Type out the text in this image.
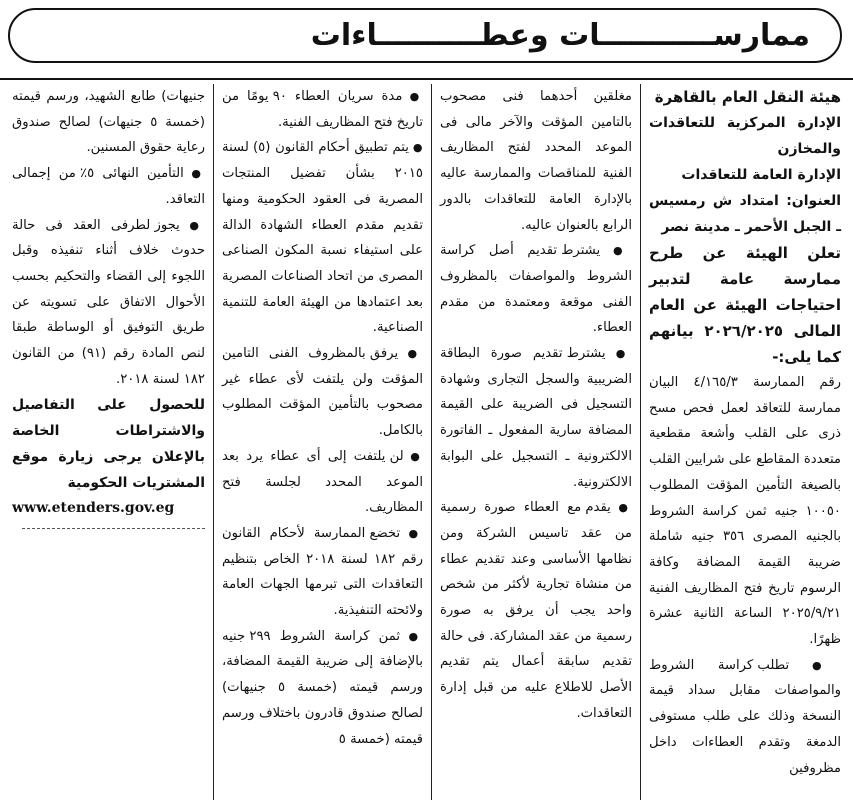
ممارســـــــــــات وعطــــــــــاءات

هيئة النقل العام بالقاهرة

الإدارة المركزية للتعاقدات والمخازن

الإدارة العامة للتعاقدات

العنوان: امتداد ش رمسيس ـ الجبل الأحمر ـ مدينة نصر

تعلن الهيئة عن طرح ممارسة عامة لتدبير احتياجات الهيئة عن العام المالى ٢٠٢٦/٢٠٢٥ بيانهم كما يلى:-

رقم الممارسة ٤/١٦٥/٣ البيان ممارسة للتعاقد لعمل فحص مسح ذرى على القلب وأشعة مقطعية متعددة المقاطع على شرايين القلب بالصيغة التأمين المؤقت المطلوب ١٠٠٥٠ جنيه ثمن كراسة الشروط بالجنيه المصرى ٣٥٦ جنيه شاملة ضريبة القيمة المضافة وكافة الرسوم تاريخ فتح المظاريف الفنية ٢٠٢٥/٩/٢١ الساعة الثانية عشرة ظهرًا.

● تطلب كراسة الشروط والمواصفات مقابل سداد قيمة النسخة وذلك على طلب مستوفى الدمغة وتقدم العطاءات داخل مظروفين

مغلقين أحدهما فنى مصحوب بالتامين المؤقت والآخر مالى فى الموعد المحدد لفتح المظاريف الفنية للمناقصات والممارسة عاليه بالإدارة العامة للتعاقدات بالدور الرابع بالعنوان عاليه.

● يشترط تقديم أصل كراسة الشروط والمواصفات بالمظروف الفنى موقعة ومعتمدة من مقدم العطاء.

● يشترط تقديم صورة البطاقة الضريبية والسجل التجارى وشهادة التسجيل فى الضريبة على القيمة المضافة سارية المفعول ـ الفاتورة الالكترونية ـ التسجيل على البوابة الالكترونية.

● يقدم مع العطاء صورة رسمية من عقد تاسيس الشركة ومن نظامها الأساسى وعند تقديم عطاء من منشاة تجارية لأكثر من شخص واحد يجب أن يرفق به صورة رسمية من عقد المشاركة. فى حالة تقديم سابقة أعمال يتم تقديم الأصل للاطلاع عليه من قبل إدارة التعاقدات.

● مدة سريان العطاء ٩٠ يومًا من تاريخ فتح المظاريف الفنية.

● يتم تطبيق أحكام القانون (٥) لسنة ٢٠١٥ بشأن تفضيل المنتجات المصرية فى العقود الحكومية ومنها تقديم مقدم العطاء الشهادة الدالة على استيفاء نسبة المكون الصناعى المصرى من اتحاد الصناعات المصرية بعد اعتمادها من الهيئة العامة للتنمية الصناعية.

● يرفق بالمظروف الفنى التامين المؤقت ولن يلتفت لأى عطاء غير مصحوب بالتأمين المؤقت المطلوب بالكامل.

● لن يلتفت إلى أى عطاء يرد بعد الموعد المحدد لجلسة فتح المظاريف.

● تخضع الممارسة لأحكام القانون رقم ١٨٢ لسنة ٢٠١٨ الخاص بتنظيم التعاقدات التى تبرمها الجهات العامة ولائحته التنفيذية.

● ثمن كراسة الشروط ٢٩٩ جنيه بالإضافة إلى ضريبة القيمة المضافة، ورسم قيمته (خمسة ٥ جنيهات) لصالح صندوق قادرون باختلاف ورسم قيمته (خمسة ٥

جنيهات) طابع الشهيد، ورسم قيمته (خمسة ٥ جنيهات) لصالح صندوق رعاية حقوق المسنين.

● التأمين النهائى ٥٪ من إجمالى التعاقد.

● يجوز لطرفى العقد فى حالة حدوث خلاف أثناء تنفيذه وقبل اللجوء إلى القضاء والتحكيم بحسب الأحوال الاتفاق على تسويته عن طريق التوفيق أو الوساطة طبقا لنص المادة رقم (٩١) من القانون ١٨٢ لسنة ٢٠١٨.

للحصول على التفاصيل والاشتراطات الخاصة بالإعلان يرجى زيارة موقع المشتريات الحكومية

www.etenders.gov.eg
